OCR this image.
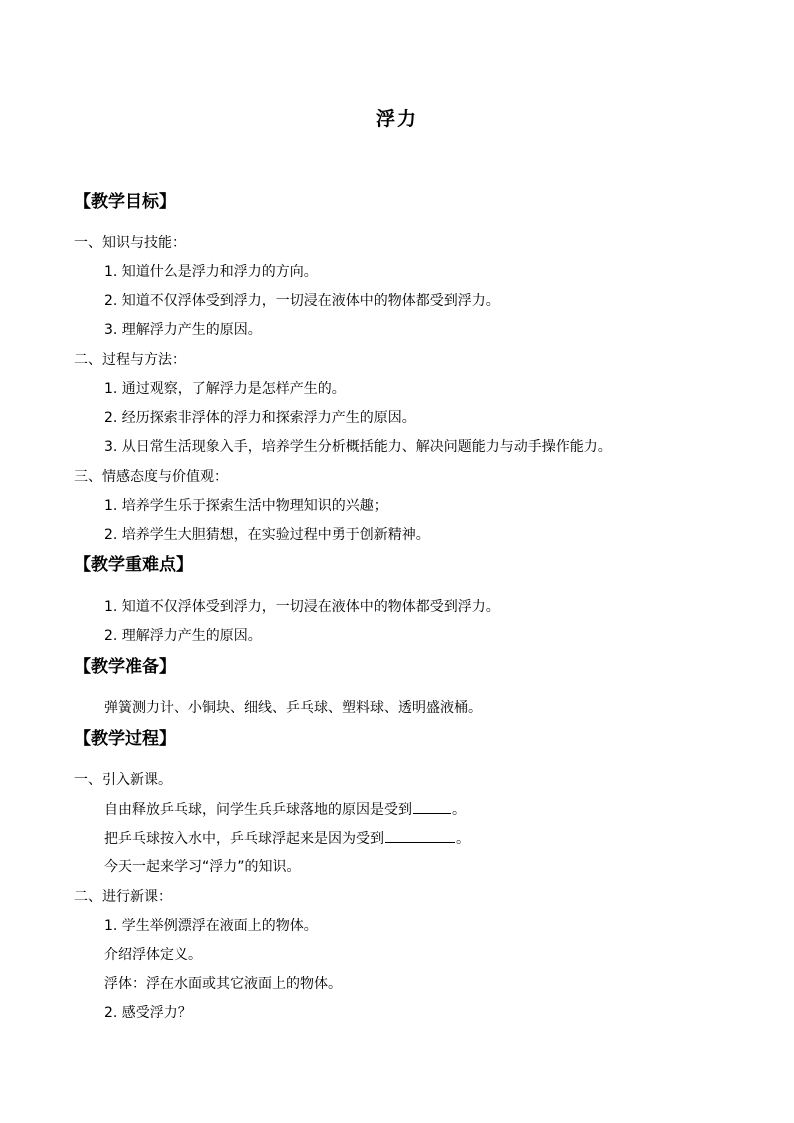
浮力
【教学目标】
一、知识与技能：
1. 知道什么是浮力和浮力的方向。
2. 知道不仅浮体受到浮力，一切浸在液体中的物体都受到浮力。
3. 理解浮力产生的原因。
二、过程与方法：
1. 通过观察，了解浮力是怎样产生的。
2. 经历探索非浮体的浮力和探索浮力产生的原因。
3. 从日常生活现象入手，培养学生分析概括能力、解决问题能力与动手操作能力。
三、情感态度与价值观：
1. 培养学生乐于探索生活中物理知识的兴趣；
2. 培养学生大胆猜想，在实验过程中勇于创新精神。
【教学重难点】
1. 知道不仅浮体受到浮力，一切浸在液体中的物体都受到浮力。
2. 理解浮力产生的原因。
【教学准备】
弹簧测力计、小铜块、细线、乒乓球、塑料球、透明盛液桶。
【教学过程】
一、引入新课。
自由释放乒乓球，问学生兵乒球落地的原因是受到	。
把乒乓球按入水中，乒乓球浮起来是因为受到	。
今天一起来学习“浮力”的知识。
二、进行新课：
1. 学生举例漂浮在液面上的物体。
介绍浮体定义。
浮体：浮在水面或其它液面上的物体。
2. 感受浮力？
